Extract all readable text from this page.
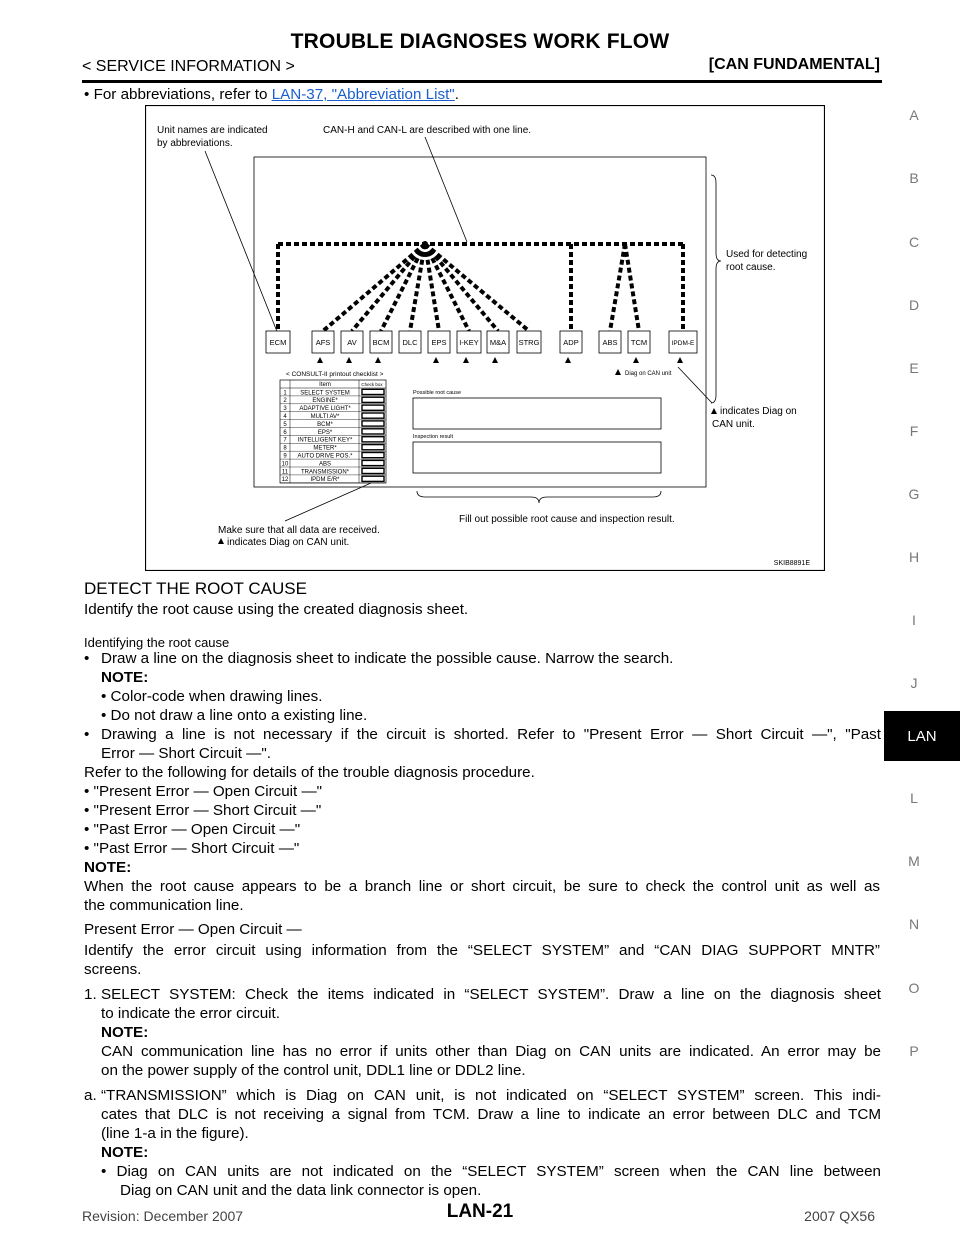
TROUBLE DIAGNOSES WORK FLOW
< SERVICE INFORMATION >	[CAN FUNDAMENTAL]
A
B
C
D
E
F
G
H
I
J
LAN
L
M
N
O
P
• For abbreviations, refer to LAN-37, "Abbreviation List".
Unit names are indicated
by abbreviations.
CAN-H and CAN-L are described with one line.
Used for detecting
root cause.
indicates Diag on
CAN unit.
Make sure that all data are received.
indicates Diag on CAN unit.
Fill out possible root cause and inspection result.
ECM	AFS AV BCM DLC EPS I-KEY M&A STRG	ADP	ABS TCM	IPDM-E
Diag on CAN unit
< CONSULT-II printout checklist >
Item	Check box
1 SELECT SYSTEM
2	ENGINE*
3 ADAPTIVE LIGHT*
4	MULTI AV*
5	BCM*
6	EPS*
7 INTELLIGENT KEY*
8	METER*
9 AUTO DRIVE POS.*
10	ABS
11 TRANSMISSION*
12	IPDM E/R*
Possible root cause
Inspection result
SKIB8891E
DETECT THE ROOT CAUSE
Identify the root cause using the created diagnosis sheet.
Identifying the root cause
• Draw a line on the diagnosis sheet to indicate the possible cause. Narrow the search.
NOTE:
• Color-code when drawing lines.
• Do not draw a line onto a existing line.
• Drawing a line is not necessary if the circuit is shorted. Refer to "Present Error — Short Circuit —", "Past
Error — Short Circuit —".
Refer to the following for details of the trouble diagnosis procedure.
• "Present Error — Open Circuit —"
• "Present Error — Short Circuit —"
• "Past Error — Open Circuit —"
• "Past Error — Short Circuit —"
NOTE:
When the root cause appears to be a branch line or short circuit, be sure to check the control unit as well as
the communication line.
Present Error — Open Circuit —
Identify the error circuit using information from the “SELECT SYSTEM” and “CAN DIAG SUPPORT MNTR”
screens.
1. SELECT SYSTEM: Check the items indicated in “SELECT SYSTEM”. Draw a line on the diagnosis sheet
to indicate the error circuit.
NOTE:
CAN communication line has no error if units other than Diag on CAN units are indicated. An error may be
on the power supply of the control unit, DDL1 line or DDL2 line.
a. “TRANSMISSION” which is Diag on CAN unit, is not indicated on “SELECT SYSTEM” screen. This indi-
cates that DLC is not receiving a signal from TCM. Draw a line to indicate an error between DLC and TCM
(line 1-a in the figure).
NOTE:
• Diag on CAN units are not indicated on the “SELECT SYSTEM” screen when the CAN line between
Diag on CAN unit and the data link connector is open.
Revision: December 2007	LAN-21	2007 QX56
